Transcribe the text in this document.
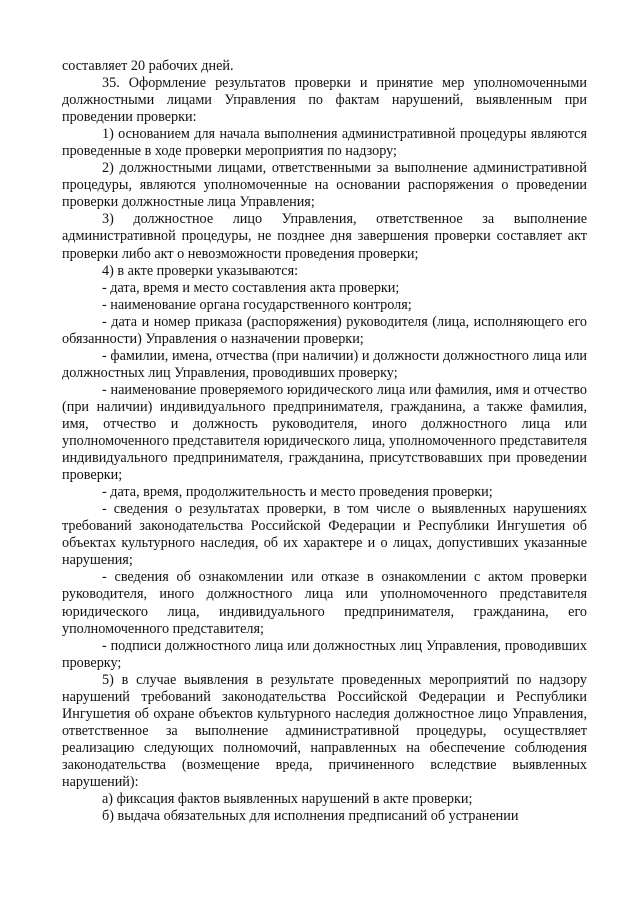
составляет 20 рабочих дней.

35. Оформление результатов проверки и принятие мер уполномоченными должностными лицами Управления по фактам нарушений, выявленным при проведении проверки:

1) основанием для начала выполнения административной процедуры являются проведенные в ходе проверки мероприятия по надзору;

2) должностными лицами, ответственными за выполнение административной процедуры, являются уполномоченные на основании распоряжения о проведении проверки должностные лица Управления;

3) должностное лицо Управления, ответственное за выполнение административной процедуры, не позднее дня завершения проверки составляет акт проверки либо акт о невозможности проведения проверки;

4) в акте проверки указываются:

- дата, время и место составления акта проверки;

- наименование органа государственного контроля;

- дата и номер приказа (распоряжения) руководителя (лица, исполняющего его обязанности) Управления о назначении проверки;

- фамилии, имена, отчества (при наличии) и должности должностного лица или должностных лиц Управления, проводивших проверку;

- наименование проверяемого юридического лица или фамилия, имя и отчество (при наличии) индивидуального предпринимателя, гражданина, а также фамилия, имя, отчество и должность руководителя, иного должностного лица или уполномоченного представителя юридического лица, уполномоченного представителя индивидуального предпринимателя, гражданина, присутствовавших при проведении проверки;

- дата, время, продолжительность и место проведения проверки;

- сведения о результатах проверки, в том числе о выявленных нарушениях требований законодательства Российской Федерации и Республики Ингушетия об объектах культурного наследия, об их характере и о лицах, допустивших указанные нарушения;

- сведения об ознакомлении или отказе в ознакомлении с актом проверки руководителя, иного должностного лица или уполномоченного представителя юридического лица, индивидуального предпринимателя, гражданина, его уполномоченного представителя;

- подписи должностного лица или должностных лиц Управления, проводивших проверку;

5) в случае выявления в результате проведенных мероприятий по надзору нарушений требований законодательства Российской Федерации и Республики Ингушетия об охране объектов культурного наследия должностное лицо Управления, ответственное за выполнение административной процедуры, осуществляет реализацию следующих полномочий, направленных на обеспечение соблюдения законодательства (возмещение вреда, причиненного вследствие выявленных нарушений):

а) фиксация фактов выявленных нарушений в акте проверки;

б) выдача обязательных для исполнения предписаний об устранении
